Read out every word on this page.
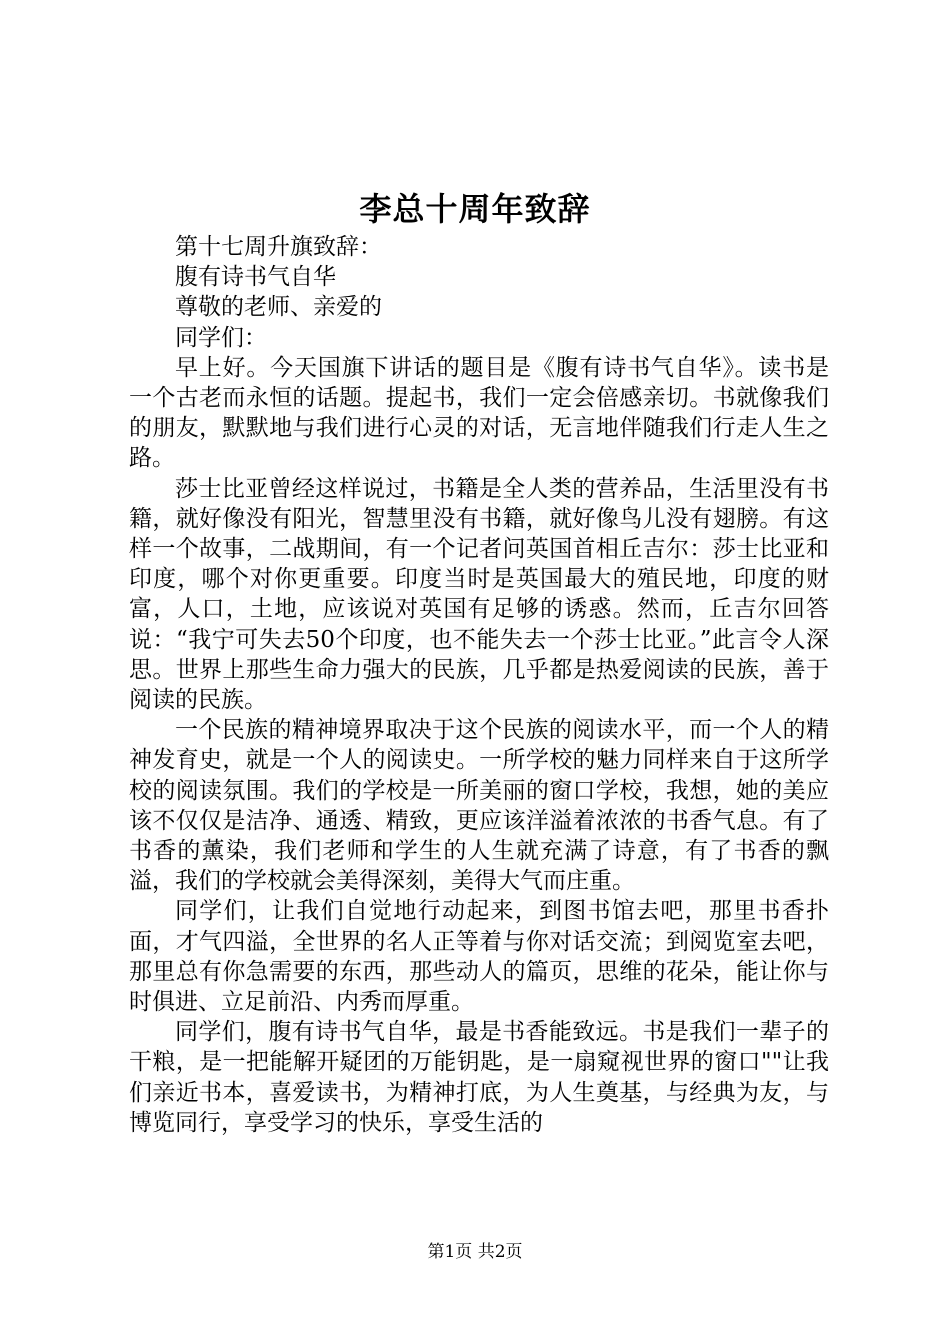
李总十周年致辞

第十七周升旗致辞：

腹有诗书气自华

尊敬的老师、亲爱的

同学们：

早上好。今天国旗下讲话的题目是《腹有诗书气自华》。读书是一个古老而永恒的话题。提起书，我们一定会倍感亲切。书就像我们的朋友，默默地与我们进行心灵的对话，无言地伴随我们行走人生之路。

莎士比亚曾经这样说过，书籍是全人类的营养品，生活里没有书籍，就好像没有阳光，智慧里没有书籍，就好像鸟儿没有翅膀。有这样一个故事，二战期间，有一个记者问英国首相丘吉尔：莎士比亚和印度，哪个对你更重要。印度当时是英国最大的殖民地，印度的财富，人口，土地，应该说对英国有足够的诱惑。然而，丘吉尔回答说：“我宁可失去50个印度，也不能失去一个莎士比亚。”此言令人深思。世界上那些生命力强大的民族，几乎都是热爱阅读的民族，善于阅读的民族。

一个民族的精神境界取决于这个民族的阅读水平，而一个人的精神发育史，就是一个人的阅读史。一所学校的魅力同样来自于这所学校的阅读氛围。我们的学校是一所美丽的窗口学校，我想，她的美应该不仅仅是洁净、通透、精致，更应该洋溢着浓浓的书香气息。有了书香的薰染，我们老师和学生的人生就充满了诗意，有了书香的飘溢，我们的学校就会美得深刻，美得大气而庄重。

同学们，让我们自觉地行动起来，到图书馆去吧，那里书香扑面，才气四溢，全世界的名人正等着与你对话交流；到阅览室去吧，那里总有你急需要的东西，那些动人的篇页，思维的花朵，能让你与时俱进、立足前沿、内秀而厚重。

同学们，腹有诗书气自华，最是书香能致远。书是我们一辈子的干粮，是一把能解开疑团的万能钥匙，是一扇窥视世界的窗口""让我们亲近书本，喜爱读书，为精神打底，为人生奠基，与经典为友，与博览同行，享受学习的快乐，享受生活的

第1页 共2页
